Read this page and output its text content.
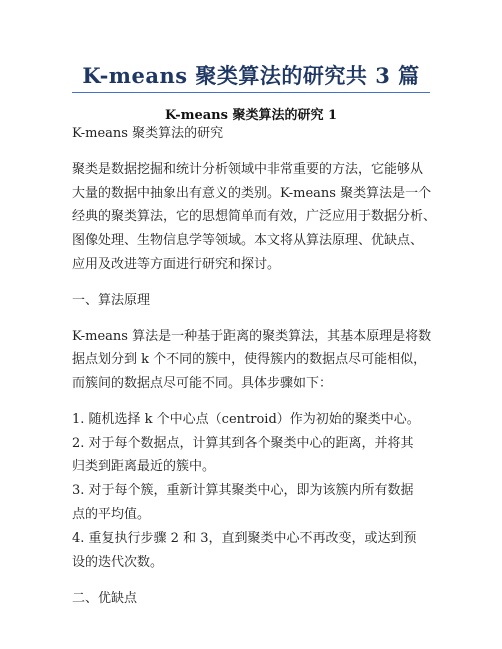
K-means 聚类算法的研究共 3 篇
K-means 聚类算法的研究 1
K-means 聚类算法的研究
聚类是数据挖掘和统计分析领域中非常重要的方法，它能够从
大量的数据中抽象出有意义的类别。K-means 聚类算法是一个
经典的聚类算法，它的思想简单而有效，广泛应用于数据分析、
图像处理、生物信息学等领域。本文将从算法原理、优缺点、
应用及改进等方面进行研究和探讨。
一、算法原理
K-means 算法是一种基于距离的聚类算法，其基本原理是将数
据点划分到 k 个不同的簇中，使得簇内的数据点尽可能相似，
而簇间的数据点尽可能不同。具体步骤如下：
1. 随机选择 k 个中心点（centroid）作为初始的聚类中心。
2. 对于每个数据点，计算其到各个聚类中心的距离，并将其
归类到距离最近的簇中。
3. 对于每个簇，重新计算其聚类中心，即为该簇内所有数据
点的平均值。
4. 重复执行步骤 2 和 3，直到聚类中心不再改变，或达到预
设的迭代次数。
二、优缺点
